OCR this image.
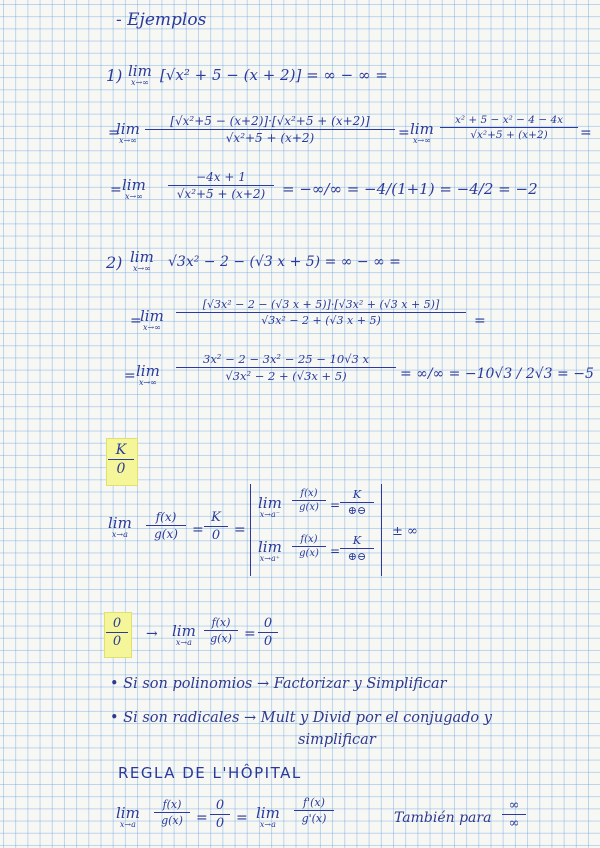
- Ejemplos
1) lim
x→∞ [√x² + 5 − (x + 2)] = ∞ − ∞ =
=
lim
$x\to\infty \frac{\text{[√x²+5 − (x+2)]·[√x²+5 + (x+2)]}}{\text{√x²+5 + (x+2)}} = \lim$
$x\to\infty \frac{\text{x² + 5 − x² − 4 − 4x}}{\text{√x²+5 + (x+2)}}$ =
= lim
$x\to\infty \frac{-4x + 1}{\text{√x²+5 + (x+2)}}$ = −∞/∞ = −4/(1+1) = −4/2 = −2
2) lim
x→∞ √3x² − 2 − (√3 x + 5) = ∞ − ∞ =
=
lim
x→∞
$\frac{\text{[√3x² − 2 − (√3 x + 5)]·[√3x² + (√3 x + 5)]}}{\text{√3x² − 2 + (√3 x + 5)}}$ =
= lim
$x\to\infty \frac{\text{3x² − 2 − 3x² − 25 − 10√3 x}}{\text{√3x² − 2 + (√3x + 5)}}$ = ∞/∞ = −10√3 / 2√3 = −5
$\frac{K}{0}$
lim
x→a	$\frac{f(x)}{g(x)} = \frac{K}{0}$ =
lim
x→a⁻
$\frac{f(x)}{g(x)}$ =
K
⊕⊖
lim
$x\to a^+ \frac{f(x)}{g(x)}$ =
K
⊕⊖
± ∞
$\frac{0}{0} \to \lim$
x→a	$\frac{f(x)}{g(x)} = \frac{0}{0}$
• Si son polinomios → Factorizar y Simplificar
• Si son radicales → Mult y Divid por el conjugado y
simplificar
REGLA DE L'HÔPITAL
lim
x→a	$\frac{f(x)}{g(x)} = \frac{0}{0} = \lim$
x→a	$\frac{f'(x)}{g'(x)}$	También para
∞
∞
